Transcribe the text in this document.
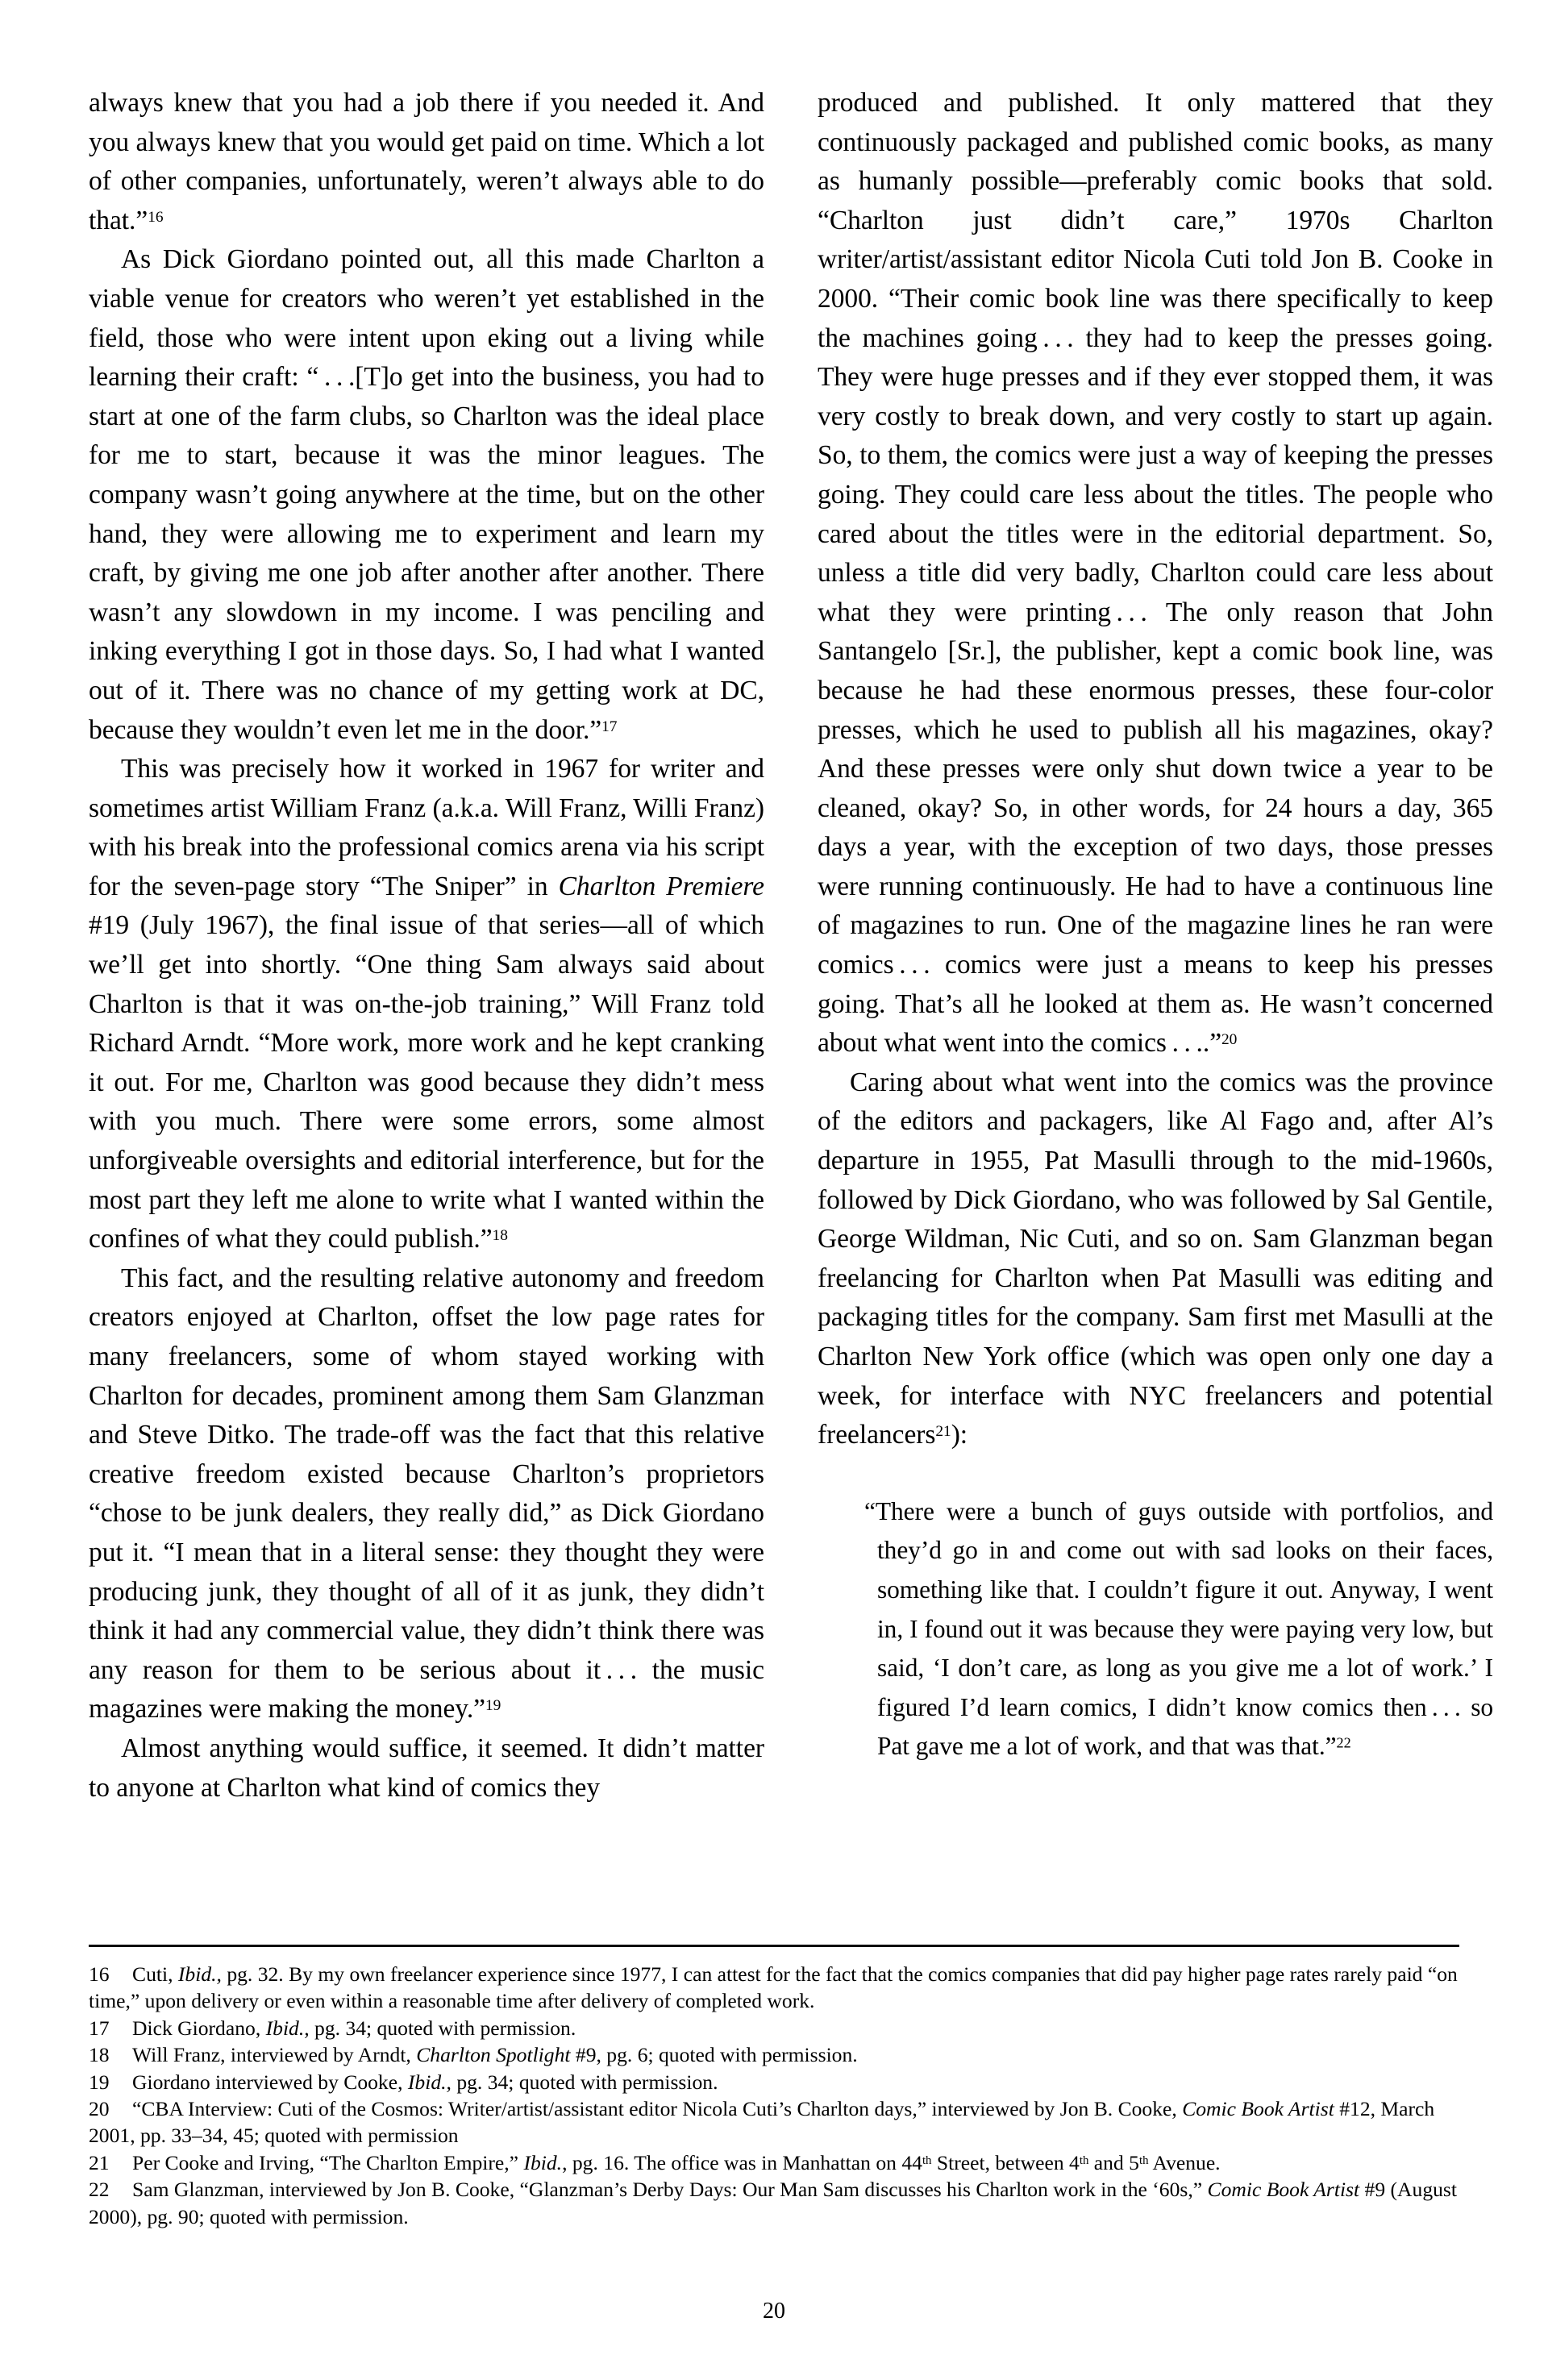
always knew that you had a job there if you needed it. And you always knew that you would get paid on time. Which a lot of other companies, unfortunately, weren’t always able to do that.”$^{16}$

As Dick Giordano pointed out, all this made Charlton a viable venue for creators who weren’t yet established in the field, those who were intent upon eking out a living while learning their craft: “ . . .[T]o get into the business, you had to start at one of the farm clubs, so Charlton was the ideal place for me to start, because it was the minor leagues. The company wasn’t going anywhere at the time, but on the other hand, they were allowing me to experiment and learn my craft, by giving me one job after another after another. There wasn’t any slowdown in my income. I was penciling and inking everything I got in those days. So, I had what I wanted out of it. There was no chance of my getting work at DC, because they wouldn’t even let me in the door.”$^{17}$

This was precisely how it worked in 1967 for writer and sometimes artist William Franz (a.k.a. Will Franz, Willi Franz) with his break into the professional comics arena via his script for the seven-page story “The Sniper” in Charlton Premiere #19 (July 1967), the final issue of that series—all of which we’ll get into shortly. “One thing Sam always said about Charlton is that it was on-the-job training,” Will Franz told Richard Arndt. “More work, more work and he kept cranking it out. For me, Charlton was good because they didn’t mess with you much. There were some errors, some almost unforgiveable oversights and editorial interference, but for the most part they left me alone to write what I wanted within the confines of what they could publish.”$^{18}$

This fact, and the resulting relative autonomy and freedom creators enjoyed at Charlton, offset the low page rates for many freelancers, some of whom stayed working with Charlton for decades, prominent among them Sam Glanzman and Steve Ditko. The trade-off was the fact that this relative creative freedom existed because Charlton’s proprietors “chose to be junk dealers, they really did,” as Dick Giordano put it. “I mean that in a literal sense: they thought they were producing junk, they thought of all of it as junk, they didn’t think it had any commercial value, they didn’t think there was any reason for them to be serious about it . . . the music magazines were making the money.”$^{19}$

Almost anything would suffice, it seemed. It didn’t matter to anyone at Charlton what kind of comics they

produced and published. It only mattered that they continuously packaged and published comic books, as many as humanly possible—preferably comic books that sold. “Charlton just didn’t care,” 1970s Charlton writer/artist/assistant editor Nicola Cuti told Jon B. Cooke in 2000. “Their comic book line was there specifically to keep the machines going . . . they had to keep the presses going. They were huge presses and if they ever stopped them, it was very costly to break down, and very costly to start up again. So, to them, the comics were just a way of keeping the presses going. They could care less about the titles. The people who cared about the titles were in the editorial department. So, unless a title did very badly, Charlton could care less about what they were printing . . . The only reason that John Santangelo [Sr.], the publisher, kept a comic book line, was because he had these enormous presses, these four-color presses, which he used to publish all his magazines, okay? And these presses were only shut down twice a year to be cleaned, okay? So, in other words, for 24 hours a day, 365 days a year, with the exception of two days, those presses were running continuously. He had to have a continuous line of magazines to run. One of the magazine lines he ran were comics . . . comics were just a means to keep his presses going. That’s all he looked at them as. He wasn’t concerned about what went into the comics . . ..”$^{20}$

Caring about what went into the comics was the province of the editors and packagers, like Al Fago and, after Al’s departure in 1955, Pat Masulli through to the mid-1960s, followed by Dick Giordano, who was followed by Sal Gentile, George Wildman, Nic Cuti, and so on. Sam Glanzman began freelancing for Charlton when Pat Masulli was editing and packaging titles for the company. Sam first met Masulli at the Charlton New York office (which was open only one day a week, for interface with NYC freelancers and potential freelancers$^{21}$):

“There were a bunch of guys outside with portfolios, and they’d go in and come out with sad looks on their faces, something like that. I couldn’t figure it out. Anyway, I went in, I found out it was because they were paying very low, but said, ‘I don’t care, as long as you give me a lot of work.’ I figured I’d learn comics, I didn’t know comics then . . . so Pat gave me a lot of work, and that was that.”$^{22}$

16 Cuti, Ibid., pg. 32. By my own freelancer experience since 1977, I can attest for the fact that the comics companies that did pay higher page rates rarely paid “on time,” upon delivery or even within a reasonable time after delivery of completed work.

17 Dick Giordano, Ibid., pg. 34; quoted with permission.

18 Will Franz, interviewed by Arndt, Charlton Spotlight #9, pg. 6; quoted with permission.

19 Giordano interviewed by Cooke, Ibid., pg. 34; quoted with permission.

20 “CBA Interview: Cuti of the Cosmos: Writer/artist/assistant editor Nicola Cuti’s Charlton days,” interviewed by Jon B. Cooke, Comic Book Artist #12, March 2001, pp. 33–34, 45; quoted with permission

21 Per Cooke and Irving, “The Charlton Empire,” Ibid., pg. 16. The office was in Manhattan on 44th Street, between 4th and 5th Avenue.

22 Sam Glanzman, interviewed by Jon B. Cooke, “Glanzman’s Derby Days: Our Man Sam discusses his Charlton work in the ‘60s,” Comic Book Artist #9 (August 2000), pg. 90; quoted with permission.

20
